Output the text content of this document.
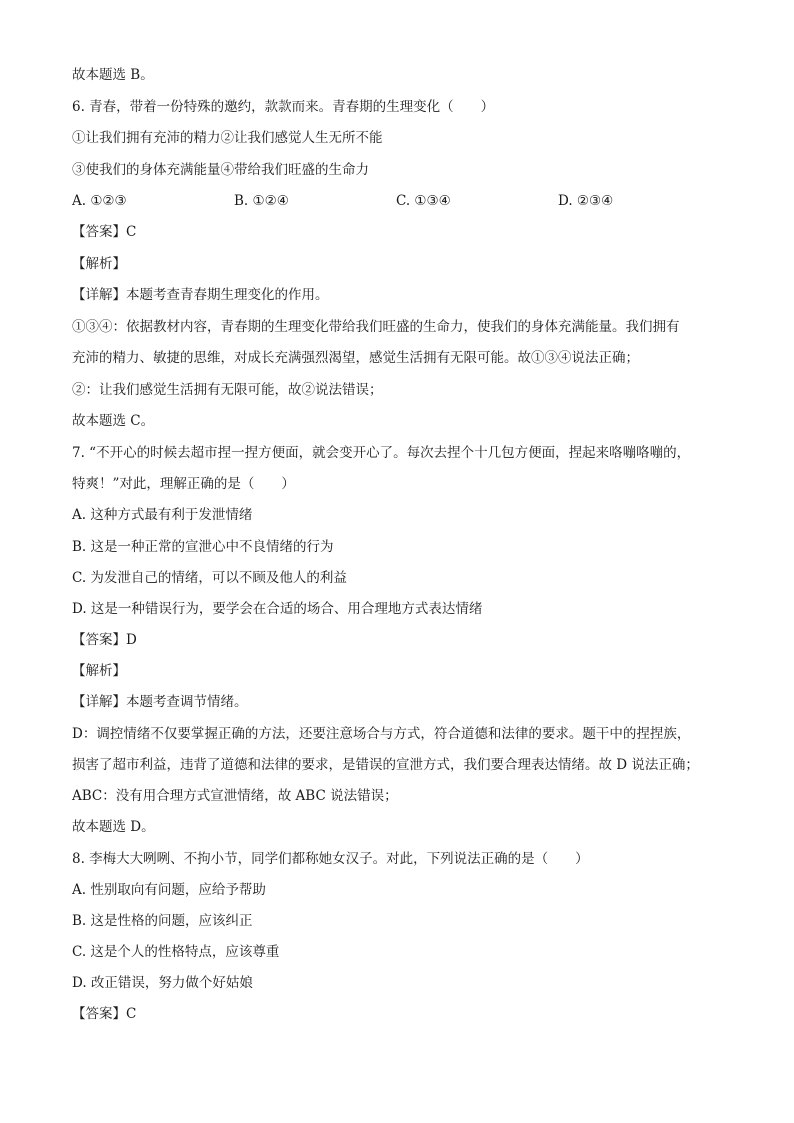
故本题选 B。
6. 青春，带着一份特殊的邀约，款款而来。青春期的生理变化（　　）
①让我们拥有充沛的精力②让我们感觉人生无所不能
③使我们的身体充满能量④带给我们旺盛的生命力
A. ①②③	B. ①②④	C. ①③④	D. ②③④
【答案】C
【解析】
【详解】本题考查青春期生理变化的作用。
①③④：依据教材内容，青春期的生理变化带给我们旺盛的生命力，使我们的身体充满能量。我们拥有
充沛的精力、敏捷的思维，对成长充满强烈渴望，感觉生活拥有无限可能。故①③④说法正确；
②：让我们感觉生活拥有无限可能，故②说法错误；
故本题选 C。
7. “不开心的时候去超市捏一捏方便面，就会变开心了。每次去捏个十几包方便面，捏起来咯嘣咯嘣的，
特爽！”对此，理解正确的是（　　）
A. 这种方式最有利于发泄情绪
B. 这是一种正常的宣泄心中不良情绪的行为
C. 为发泄自己的情绪，可以不顾及他人的利益
D. 这是一种错误行为，要学会在合适的场合、用合理地方式表达情绪
【答案】D
【解析】
【详解】本题考查调节情绪。
D：调控情绪不仅要掌握正确的方法，还要注意场合与方式，符合道德和法律的要求。题干中的捏捏族，
损害了超市利益，违背了道德和法律的要求，是错误的宣泄方式，我们要合理表达情绪。故 D 说法正确；
ABC：没有用合理方式宣泄情绪，故 ABC 说法错误；
故本题选 D。
8. 李梅大大咧咧、不拘小节，同学们都称她女汉子。对此，下列说法正确的是（　　）
A. 性别取向有问题，应给予帮助
B. 这是性格的问题，应该纠正
C. 这是个人的性格特点，应该尊重
D. 改正错误，努力做个好姑娘
【答案】C
